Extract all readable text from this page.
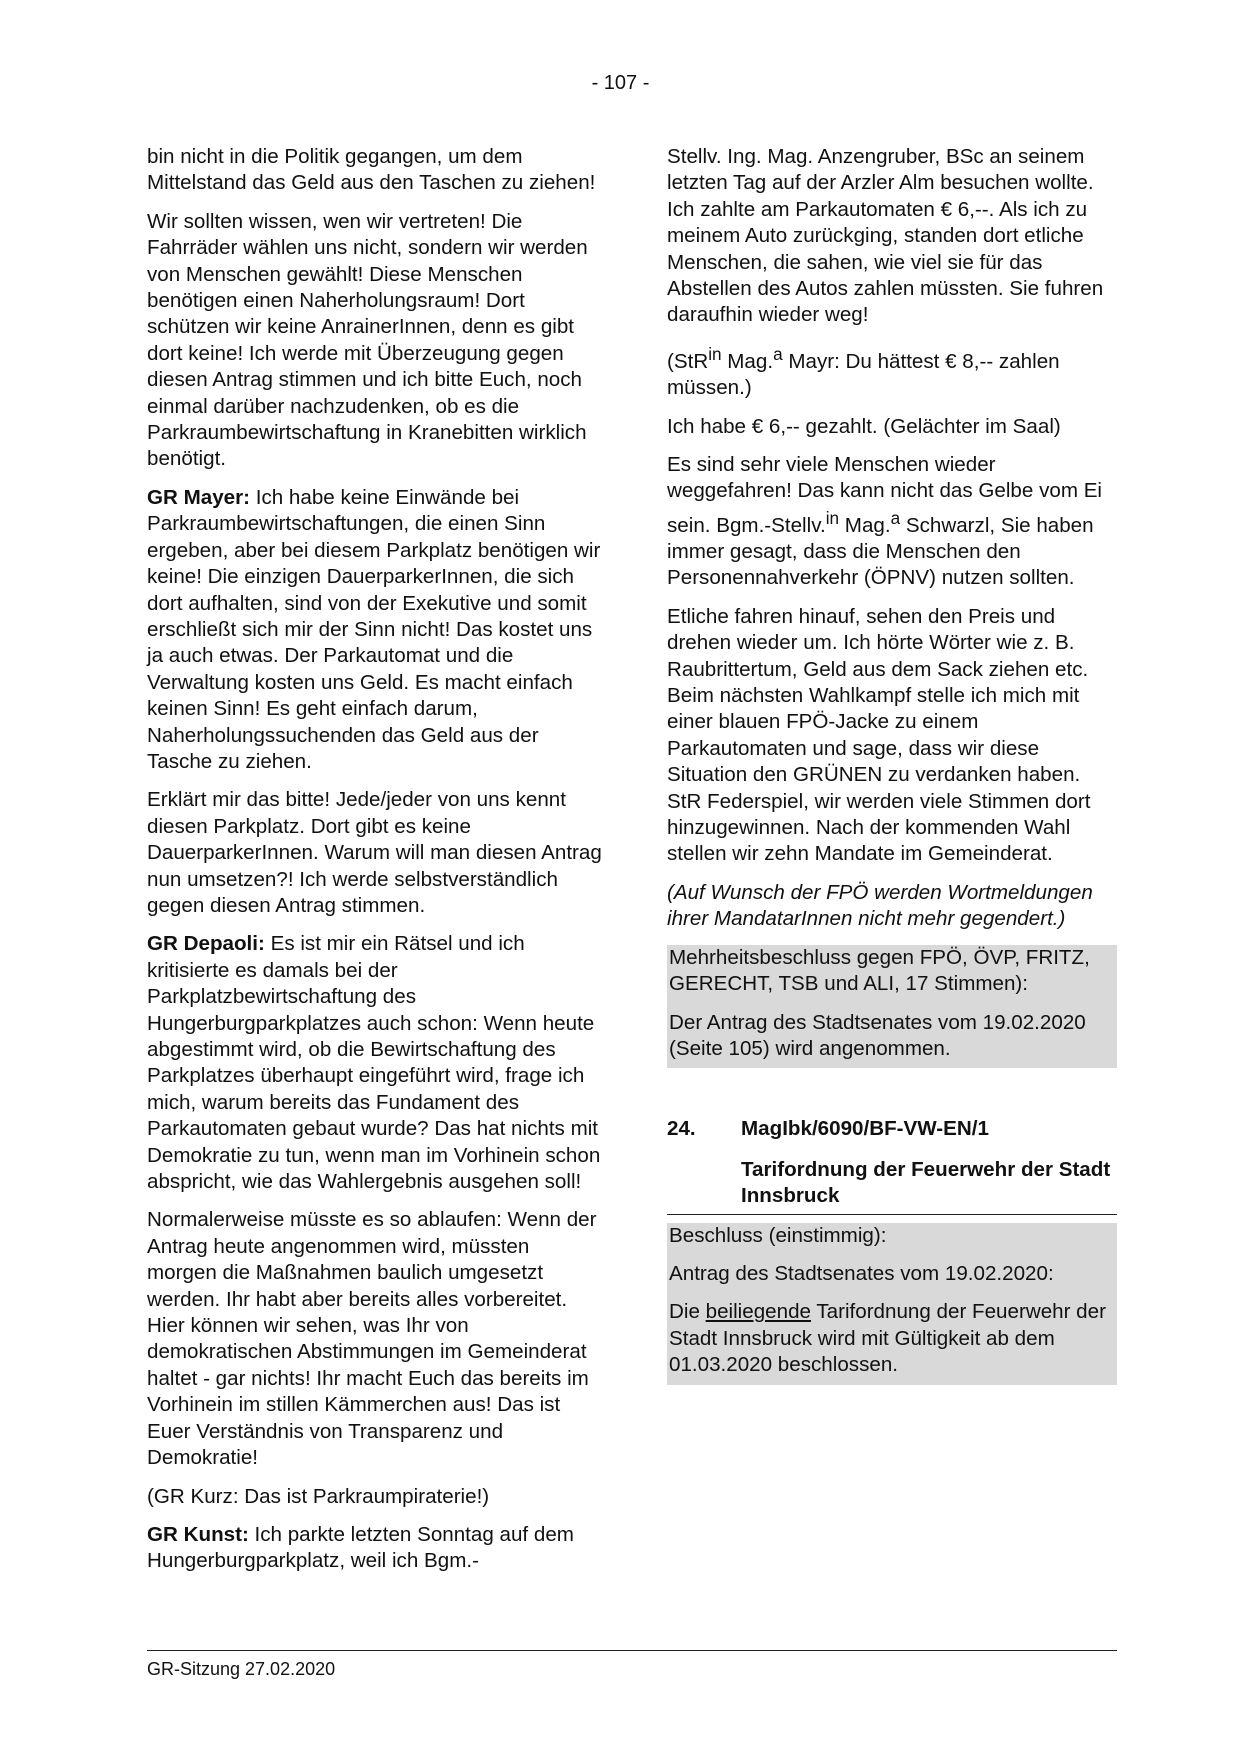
- 107 -

bin nicht in die Politik gegangen, um dem Mittelstand das Geld aus den Taschen zu ziehen!

Wir sollten wissen, wen wir vertreten! Die Fahrräder wählen uns nicht, sondern wir werden von Menschen gewählt! Diese Menschen benötigen einen Naherholungsraum! Dort schützen wir keine AnrainerInnen, denn es gibt dort keine! Ich werde mit Überzeugung gegen diesen Antrag stimmen und ich bitte Euch, noch einmal darüber nachzudenken, ob es die Parkraumbewirtschaftung in Kranebitten wirklich benötigt.

GR Mayer: Ich habe keine Einwände bei Parkraumbewirtschaftungen, die einen Sinn ergeben, aber bei diesem Parkplatz benötigen wir keine! Die einzigen DauerparkerInnen, die sich dort aufhalten, sind von der Exekutive und somit erschließt sich mir der Sinn nicht! Das kostet uns ja auch etwas. Der Parkautomat und die Verwaltung kosten uns Geld. Es macht einfach keinen Sinn! Es geht einfach darum, Naherholungssuchenden das Geld aus der Tasche zu ziehen.

Erklärt mir das bitte! Jede/jeder von uns kennt diesen Parkplatz. Dort gibt es keine DauerparkerInnen. Warum will man diesen Antrag nun umsetzen?! Ich werde selbstverständlich gegen diesen Antrag stimmen.

GR Depaoli: Es ist mir ein Rätsel und ich kritisierte es damals bei der Parkplatzbewirtschaftung des Hungerburgparkplatzes auch schon: Wenn heute abgestimmt wird, ob die Bewirtschaftung des Parkplatzes überhaupt eingeführt wird, frage ich mich, warum bereits das Fundament des Parkautomaten gebaut wurde? Das hat nichts mit Demokratie zu tun, wenn man im Vorhinein schon abspricht, wie das Wahlergebnis ausgehen soll!

Normalerweise müsste es so ablaufen: Wenn der Antrag heute angenommen wird, müssten morgen die Maßnahmen baulich umgesetzt werden. Ihr habt aber bereits alles vorbereitet. Hier können wir sehen, was Ihr von demokratischen Abstimmungen im Gemeinderat haltet - gar nichts! Ihr macht Euch das bereits im Vorhinein im stillen Kämmerchen aus! Das ist Euer Verständnis von Transparenz und Demokratie!

(GR Kurz: Das ist Parkraumpiraterie!)

GR Kunst: Ich parkte letzten Sonntag auf dem Hungerburgparkplatz, weil ich Bgm.-

Stellv. Ing. Mag. Anzengruber, BSc an seinem letzten Tag auf der Arzler Alm besuchen wollte. Ich zahlte am Parkautomaten € 6,--. Als ich zu meinem Auto zurückging, standen dort etliche Menschen, die sahen, wie viel sie für das Abstellen des Autos zahlen müssten. Sie fuhren daraufhin wieder weg!

(StR$^{in}$ Mag.$^a$ Mayr: Du hättest € 8,-- zahlen müssen.)

Ich habe € 6,-- gezahlt. (Gelächter im Saal)

Es sind sehr viele Menschen wieder weggefahren! Das kann nicht das Gelbe vom Ei sein. Bgm.-Stellv.$^{in}$ Mag.$^a$ Schwarzl, Sie haben immer gesagt, dass die Menschen den Personennahverkehr (ÖPNV) nutzen sollten.

Etliche fahren hinauf, sehen den Preis und drehen wieder um. Ich hörte Wörter wie z. B. Raubrittertum, Geld aus dem Sack ziehen etc. Beim nächsten Wahlkampf stelle ich mich mit einer blauen FPÖ-Jacke zu einem Parkautomaten und sage, dass wir diese Situation den GRÜNEN zu verdanken haben. StR Federspiel, wir werden viele Stimmen dort hinzugewinnen. Nach der kommenden Wahl stellen wir zehn Mandate im Gemeinderat.

(Auf Wunsch der FPÖ werden Wortmeldungen ihrer MandatarInnen nicht mehr gegendert.)

Mehrheitsbeschluss gegen FPÖ, ÖVP, FRITZ, GERECHT, TSB und ALI, 17 Stimmen):

Der Antrag des Stadtsenates vom 19.02.2020 (Seite 105) wird angenommen.

24.	MagIbk/6090/BF-VW-EN/1
Tarifordnung der Feuerwehr der Stadt Innsbruck

Beschluss (einstimmig):

Antrag des Stadtsenates vom 19.02.2020:

Die beiliegende Tarifordnung der Feuerwehr der Stadt Innsbruck wird mit Gültigkeit ab dem 01.03.2020 beschlossen.

GR-Sitzung 27.02.2020
